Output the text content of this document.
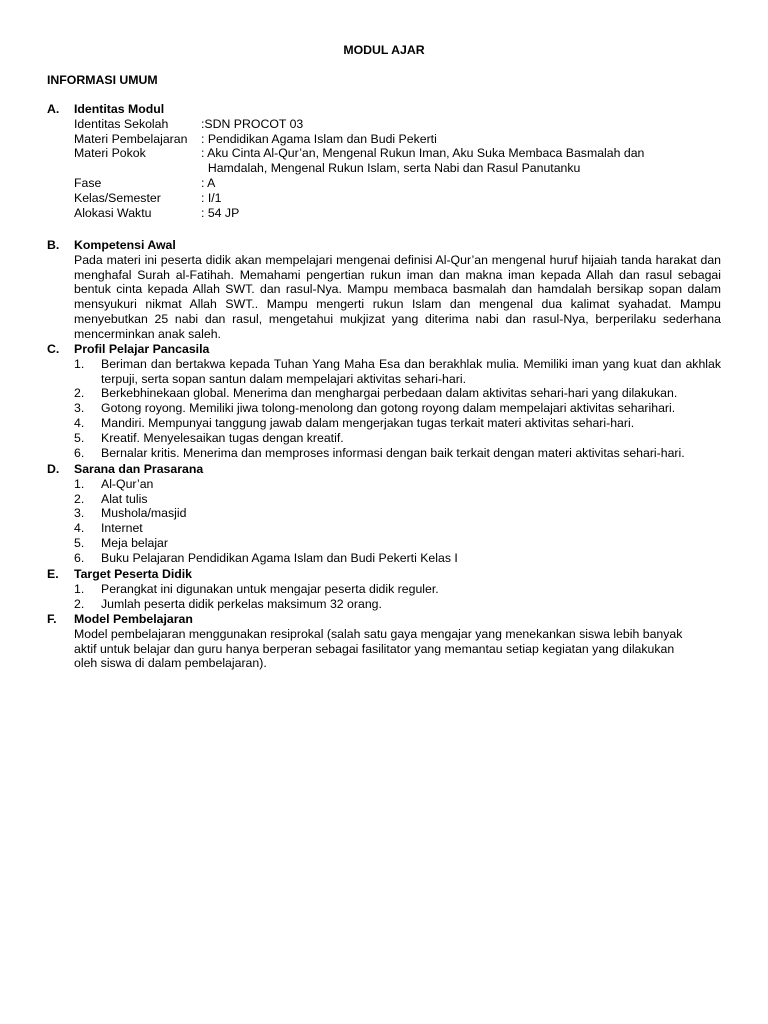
MODUL AJAR
INFORMASI UMUM
A.	Identitas Modul
Identitas Sekolah	:SDN PROCOT 03
Materi Pembelajaran	: Pendidikan Agama Islam dan Budi Pekerti
Materi Pokok	: Aku Cinta Al-Qur’an, Mengenal Rukun Iman, Aku Suka Membaca Basmalah dan
Hamdalah, Mengenal Rukun Islam, serta Nabi dan Rasul Panutanku
Fase	: A
Kelas/Semester	: I/1
Alokasi Waktu	: 54 JP
B.	Kompetensi Awal
Pada materi ini peserta didik akan mempelajari mengenai definisi Al-Qur’an mengenal huruf hijaiah tanda harakat dan menghafal Surah al-Fatihah. Memahami pengertian rukun iman dan makna iman kepada Allah dan rasul sebagai bentuk cinta kepada Allah SWT. dan rasul-Nya. Mampu membaca basmalah dan hamdalah bersikap sopan dalam mensyukuri nikmat Allah SWT.. Mampu mengerti rukun Islam dan mengenal dua kalimat syahadat. Mampu menyebutkan 25 nabi dan rasul, mengetahui mukjizat yang diterima nabi dan rasul-Nya, berperilaku sederhana mencerminkan anak saleh.
C.	Profil Pelajar Pancasila
1.	Beriman dan bertakwa kepada Tuhan Yang Maha Esa dan berakhlak mulia. Memiliki iman yang kuat dan akhlak terpuji, serta sopan santun dalam mempelajari aktivitas sehari-hari.
2.	Berkebhinekaan global. Menerima dan menghargai perbedaan dalam aktivitas sehari-hari yang dilakukan.
3.	Gotong royong. Memiliki jiwa tolong-menolong dan gotong royong dalam mempelajari aktivitas seharihari.
4.	Mandiri. Mempunyai tanggung jawab dalam mengerjakan tugas terkait materi aktivitas sehari-hari.
5.	Kreatif. Menyelesaikan tugas dengan kreatif.
6.	Bernalar kritis. Menerima dan memproses informasi dengan baik terkait dengan materi aktivitas sehari-hari.
D.	Sarana dan Prasarana
1.	Al-Qur’an
2.	Alat tulis
3.	Mushola/masjid
4.	Internet
5.	Meja belajar
6.	Buku Pelajaran Pendidikan Agama Islam dan Budi Pekerti Kelas I
E.	Target Peserta Didik
1.	Perangkat ini digunakan untuk mengajar peserta didik reguler.
2.	Jumlah peserta didik perkelas maksimum 32 orang.
F.	Model Pembelajaran
Model pembelajaran menggunakan resiprokal (salah satu gaya mengajar yang menekankan siswa lebih banyak
aktif untuk belajar dan guru hanya berperan sebagai fasilitator yang memantau setiap kegiatan yang dilakukan
oleh siswa di dalam pembelajaran).
